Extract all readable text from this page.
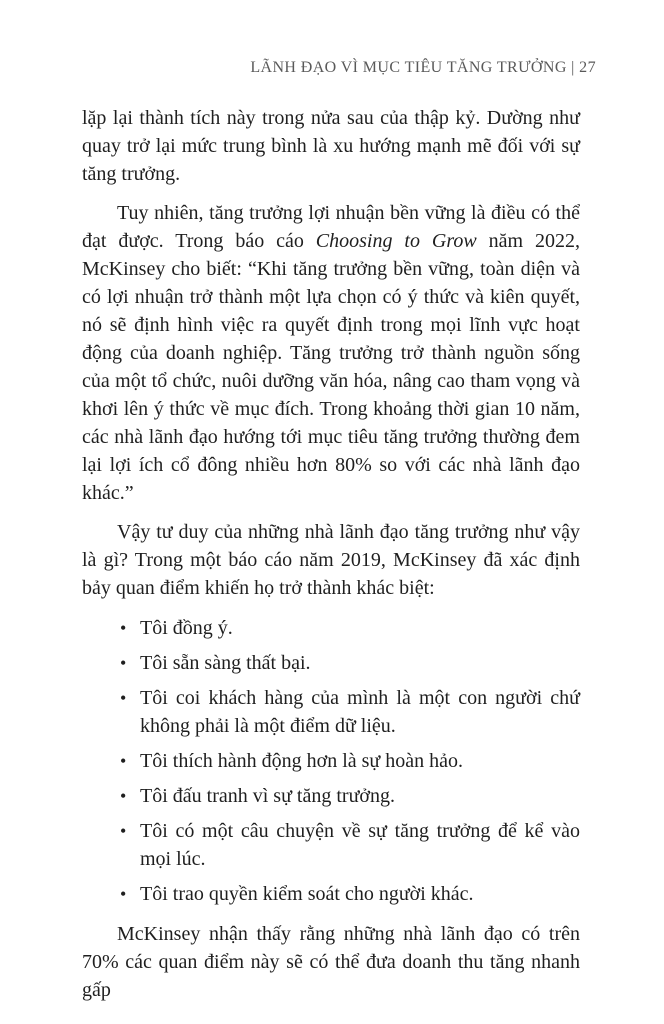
LÃNH ĐẠO VÌ MỤC TIÊU TĂNG TRƯỞNG | 27

lặp lại thành tích này trong nửa sau của thập kỷ. Dường như quay trở lại mức trung bình là xu hướng mạnh mẽ đối với sự tăng trưởng.

Tuy nhiên, tăng trưởng lợi nhuận bền vững là điều có thể đạt được. Trong báo cáo Choosing to Grow năm 2022, McKinsey cho biết: “Khi tăng trưởng bền vững, toàn diện và có lợi nhuận trở thành một lựa chọn có ý thức và kiên quyết, nó sẽ định hình việc ra quyết định trong mọi lĩnh vực hoạt động của doanh nghiệp. Tăng trưởng trở thành nguồn sống của một tổ chức, nuôi dưỡng văn hóa, nâng cao tham vọng và khơi lên ý thức về mục đích. Trong khoảng thời gian 10 năm, các nhà lãnh đạo hướng tới mục tiêu tăng trưởng thường đem lại lợi ích cổ đông nhiều hơn 80% so với các nhà lãnh đạo khác.”

Vậy tư duy của những nhà lãnh đạo tăng trưởng như vậy là gì? Trong một báo cáo năm 2019, McKinsey đã xác định bảy quan điểm khiến họ trở thành khác biệt:

• Tôi đồng ý.
• Tôi sẵn sàng thất bại.
• Tôi coi khách hàng của mình là một con người chứ không phải là một điểm dữ liệu.
• Tôi thích hành động hơn là sự hoàn hảo.
• Tôi đấu tranh vì sự tăng trưởng.
• Tôi có một câu chuyện về sự tăng trưởng để kể vào mọi lúc.
• Tôi trao quyền kiểm soát cho người khác.

McKinsey nhận thấy rằng những nhà lãnh đạo có trên 70% các quan điểm này sẽ có thể đưa doanh thu tăng nhanh gấp
